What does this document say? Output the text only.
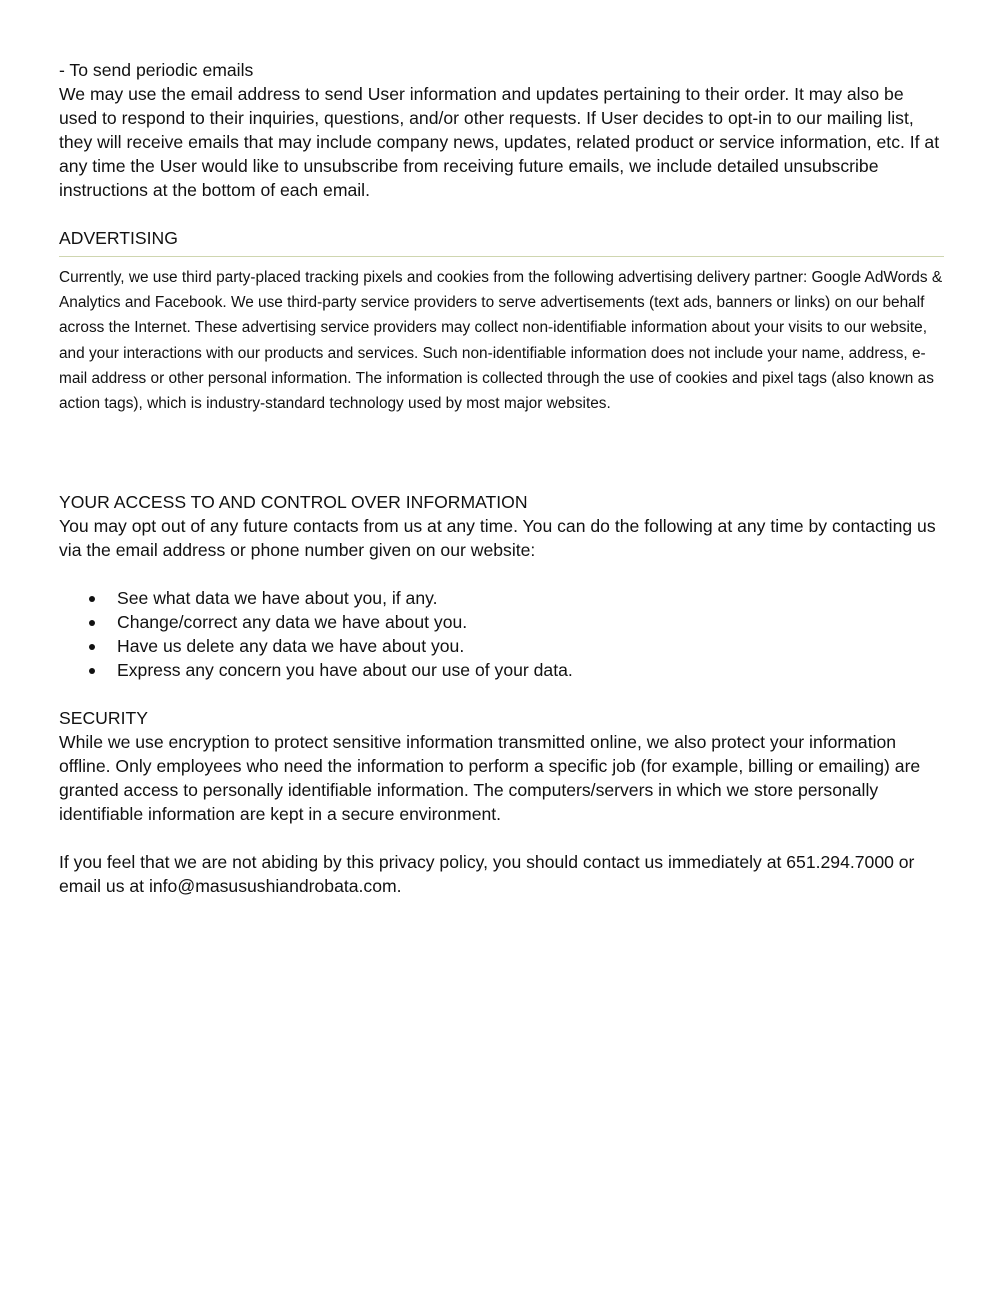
- To send periodic emails

We may use the email address to send User information and updates pertaining to their order. It may also be used to respond to their inquiries, questions, and/or other requests. If User decides to opt-in to our mailing list, they will receive emails that may include company news, updates, related product or service information, etc. If at any time the User would like to unsubscribe from receiving future emails, we include detailed unsubscribe instructions at the bottom of each email.

ADVERTISING

Currently, we use third party-placed tracking pixels and cookies from the following advertising delivery partner: Google AdWords & Analytics and Facebook. We use third-party service providers to serve advertisements (text ads, banners or links) on our behalf across the Internet. These advertising service providers may collect non-identifiable information about your visits to our website, and your interactions with our products and services. Such non-identifiable information does not include your name, address, e-mail address or other personal information. The information is collected through the use of cookies and pixel tags (also known as action tags), which is industry-standard technology used by most major websites.

YOUR ACCESS TO AND CONTROL OVER INFORMATION

You may opt out of any future contacts from us at any time. You can do the following at any time by contacting us via the email address or phone number given on our website:

See what data we have about you, if any.
Change/correct any data we have about you.
Have us delete any data we have about you.
Express any concern you have about our use of your data.

SECURITY

While we use encryption to protect sensitive information transmitted online, we also protect your information offline. Only employees who need the information to perform a specific job (for example, billing or emailing) are granted access to personally identifiable information. The computers/servers in which we store personally identifiable information are kept in a secure environment.

If you feel that we are not abiding by this privacy policy, you should contact us immediately at 651.294.7000 or email us at info@masusushiandrobata.com.
